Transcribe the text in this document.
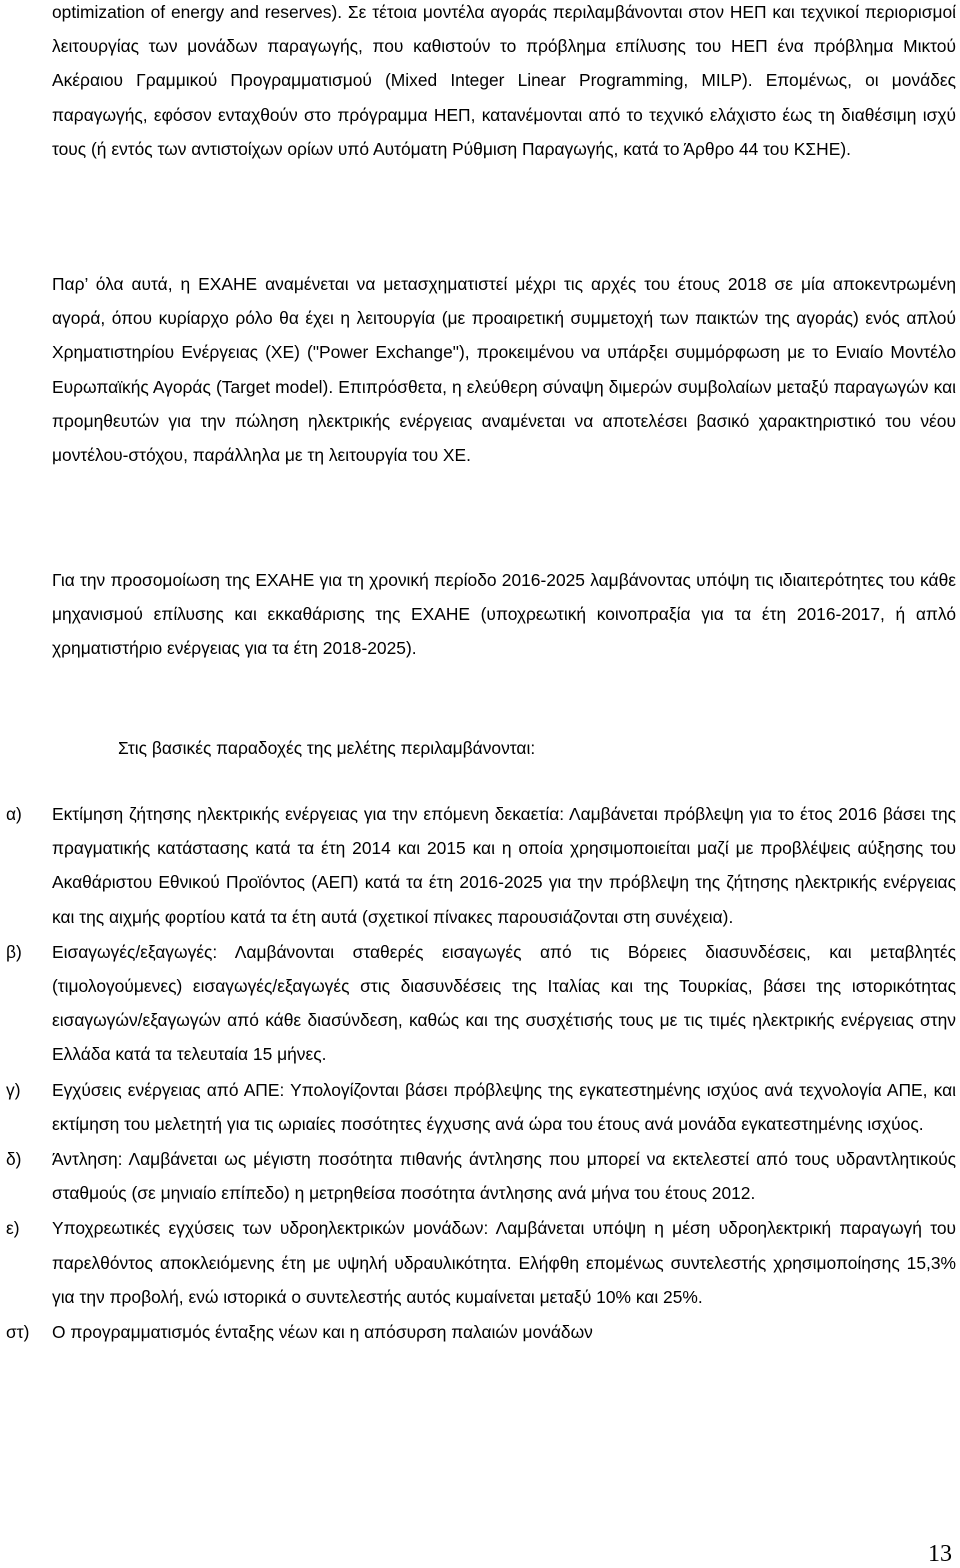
optimization of energy and reserves). Σε τέτοια μοντέλα αγοράς περιλαμβάνονται στον ΗΕΠ και τεχνικοί περιορισμοί λειτουργίας των μονάδων παραγωγής, που καθιστούν το πρόβλημα επίλυσης του ΗΕΠ ένα πρόβλημα Μικτού Ακέραιου Γραμμικού Προγραμματισμού (Mixed Integer Linear Programming, MILP). Επομένως, οι μονάδες παραγωγής, εφόσον ενταχθούν στο πρόγραμμα ΗΕΠ, κατανέμονται από το τεχνικό ελάχιστο έως τη διαθέσιμη ισχύ τους (ή εντός των αντιστοίχων ορίων υπό Αυτόματη Ρύθμιση Παραγωγής, κατά το Άρθρο 44 του ΚΣΗΕ).

Παρ’ όλα αυτά, η ΕΧΑΗΕ αναμένεται να μετασχηματιστεί μέχρι τις αρχές του έτους 2018 σε μία αποκεντρωμένη αγορά, όπου κυρίαρχο ρόλο θα έχει η λειτουργία (με προαιρετική συμμετοχή των παικτών της αγοράς) ενός απλού Χρηματιστηρίου Ενέργειας (ΧΕ) ("Power Exchange"), προκειμένου να υπάρξει συμμόρφωση με το Ενιαίο Μοντέλο Ευρωπαϊκής Αγοράς (Target model). Επιπρόσθετα, η ελεύθερη σύναψη διμερών συμβολαίων μεταξύ παραγωγών και προμηθευτών για την πώληση ηλεκτρικής ενέργειας αναμένεται να αποτελέσει βασικό χαρακτηριστικό του νέου μοντέλου-στόχου, παράλληλα με τη λειτουργία του ΧΕ.

Για την προσομοίωση της ΕΧΑΗΕ για τη χρονική περίοδο 2016-2025 λαμβάνοντας υπόψη τις ιδιαιτερότητες του κάθε μηχανισμού επίλυσης και εκκαθάρισης της ΕΧΑΗΕ (υποχρεωτική κοινοπραξία για τα έτη 2016-2017, ή απλό χρηματιστήριο ενέργειας για τα έτη 2018-2025).

Στις βασικές παραδοχές της μελέτης περιλαμβάνονται:

α) Εκτίμηση ζήτησης ηλεκτρικής ενέργειας για την επόμενη δεκαετία: Λαμβάνεται πρόβλεψη για το έτος 2016 βάσει της πραγματικής κατάστασης κατά τα έτη 2014 και 2015 και η οποία χρησιμοποιείται μαζί με προβλέψεις αύξησης του Ακαθάριστου Εθνικού Προϊόντος (ΑΕΠ) κατά τα έτη 2016-2025 για την πρόβλεψη της ζήτησης ηλεκτρικής ενέργειας και της αιχμής φορτίου κατά τα έτη αυτά (σχετικοί πίνακες παρουσιάζονται στη συνέχεια).
β) Εισαγωγές/εξαγωγές: Λαμβάνονται σταθερές εισαγωγές από τις Βόρειες διασυνδέσεις, και μεταβλητές (τιμολογούμενες) εισαγωγές/εξαγωγές στις διασυνδέσεις της Ιταλίας και της Τουρκίας, βάσει της ιστορικότητας εισαγωγών/εξαγωγών από κάθε διασύνδεση, καθώς και της συσχέτισής τους με τις τιμές ηλεκτρικής ενέργειας στην Ελλάδα κατά τα τελευταία 15 μήνες.
γ) Εγχύσεις ενέργειας από ΑΠΕ: Υπολογίζονται βάσει πρόβλεψης της εγκατεστημένης ισχύος ανά τεχνολογία ΑΠΕ, και εκτίμηση του μελετητή για τις ωριαίες ποσότητες έγχυσης ανά ώρα του έτους ανά μονάδα εγκατεστημένης ισχύος.
δ) Άντληση: Λαμβάνεται ως μέγιστη ποσότητα πιθανής άντλησης που μπορεί να εκτελεστεί από τους υδραντλητικούς σταθμούς (σε μηνιαίο επίπεδο) η μετρηθείσα ποσότητα άντλησης ανά μήνα του έτους 2012.
ε) Υποχρεωτικές εγχύσεις των υδροηλεκτρικών μονάδων: Λαμβάνεται υπόψη η μέση υδροηλεκτρική παραγωγή του παρελθόντος αποκλειόμενης έτη με υψηλή υδραυλικότητα. Ελήφθη επομένως συντελεστής χρησιμοποίησης 15,3% για την προβολή, ενώ ιστορικά ο συντελεστής αυτός κυμαίνεται μεταξύ 10% και 25%.
στ) Ο προγραμματισμός ένταξης νέων και η απόσυρση παλαιών μονάδων
13
